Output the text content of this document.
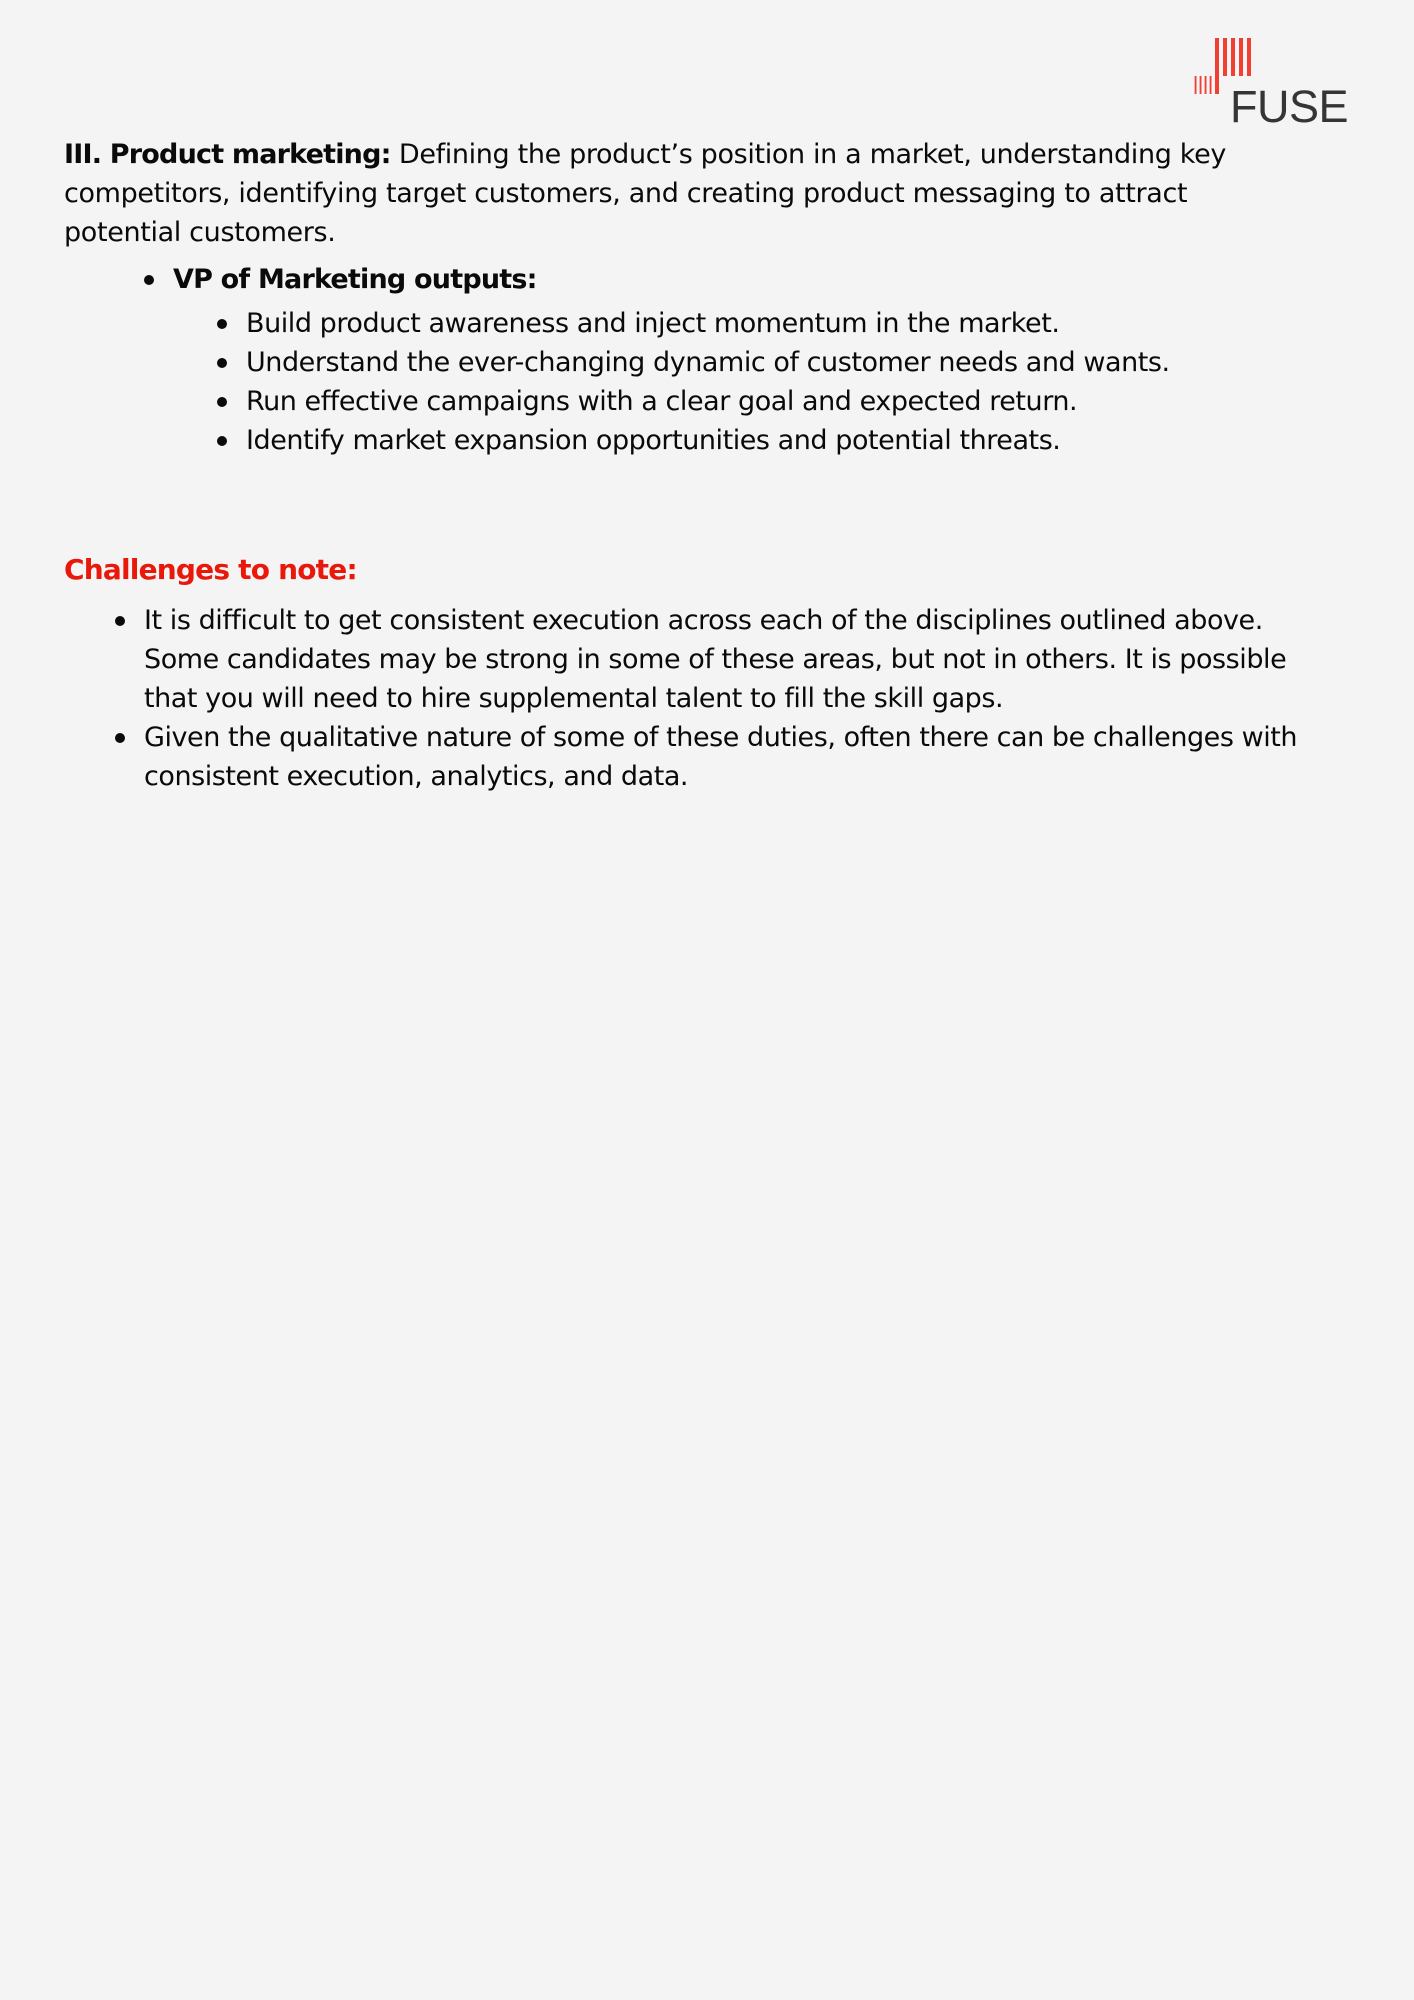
FUSE

III. Product marketing: Defining the product’s position in a market, understanding key competitors, identifying target customers, and creating product messaging to attract potential customers.

VP of Marketing outputs:
Build product awareness and inject momentum in the market.
Understand the ever-changing dynamic of customer needs and wants.
Run effective campaigns with a clear goal and expected return.
Identify market expansion opportunities and potential threats.
Challenges to note:
It is difficult to get consistent execution across each of the disciplines outlined above. Some candidates may be strong in some of these areas, but not in others. It is possible that you will need to hire supplemental talent to fill the skill gaps.
Given the qualitative nature of some of these duties, often there can be challenges with consistent execution, analytics, and data.
